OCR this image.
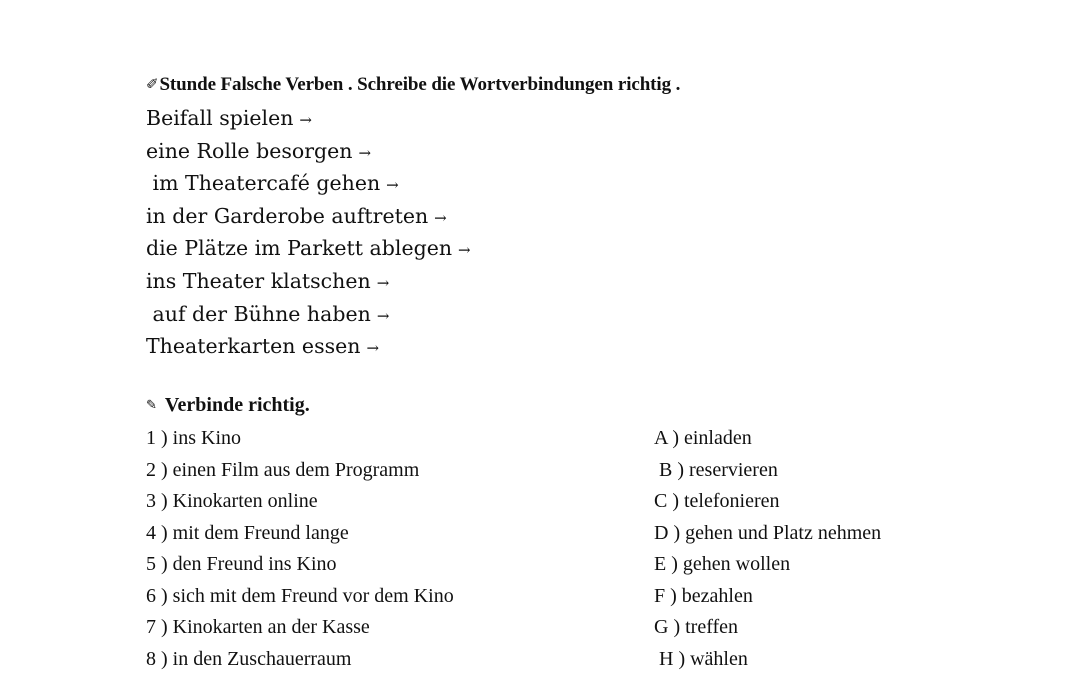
✐Stunde Falsche Verben . Schreibe die Wortverbindungen richtig .
Beifall spielen →
eine Rolle besorgen →
im Theatercafé gehen →
in der Garderobe auftreten →
die Plätze im Parkett ablegen →
ins Theater klatschen →
auf der Bühne haben →
Theaterkarten essen →
✎ Verbinde richtig.
1 ) ins Kino
2 ) einen Film aus dem Programm
3 ) Kinokarten online
4 ) mit dem Freund lange
5 ) den Freund ins Kino
6 ) sich mit dem Freund vor dem Kino
7 ) Kinokarten an der Kasse
8 ) in den Zuschauerraum
A ) einladen
B ) reservieren
C ) telefonieren
D ) gehen und Platz nehmen
E ) gehen wollen
F ) bezahlen
G ) treffen
H ) wählen
